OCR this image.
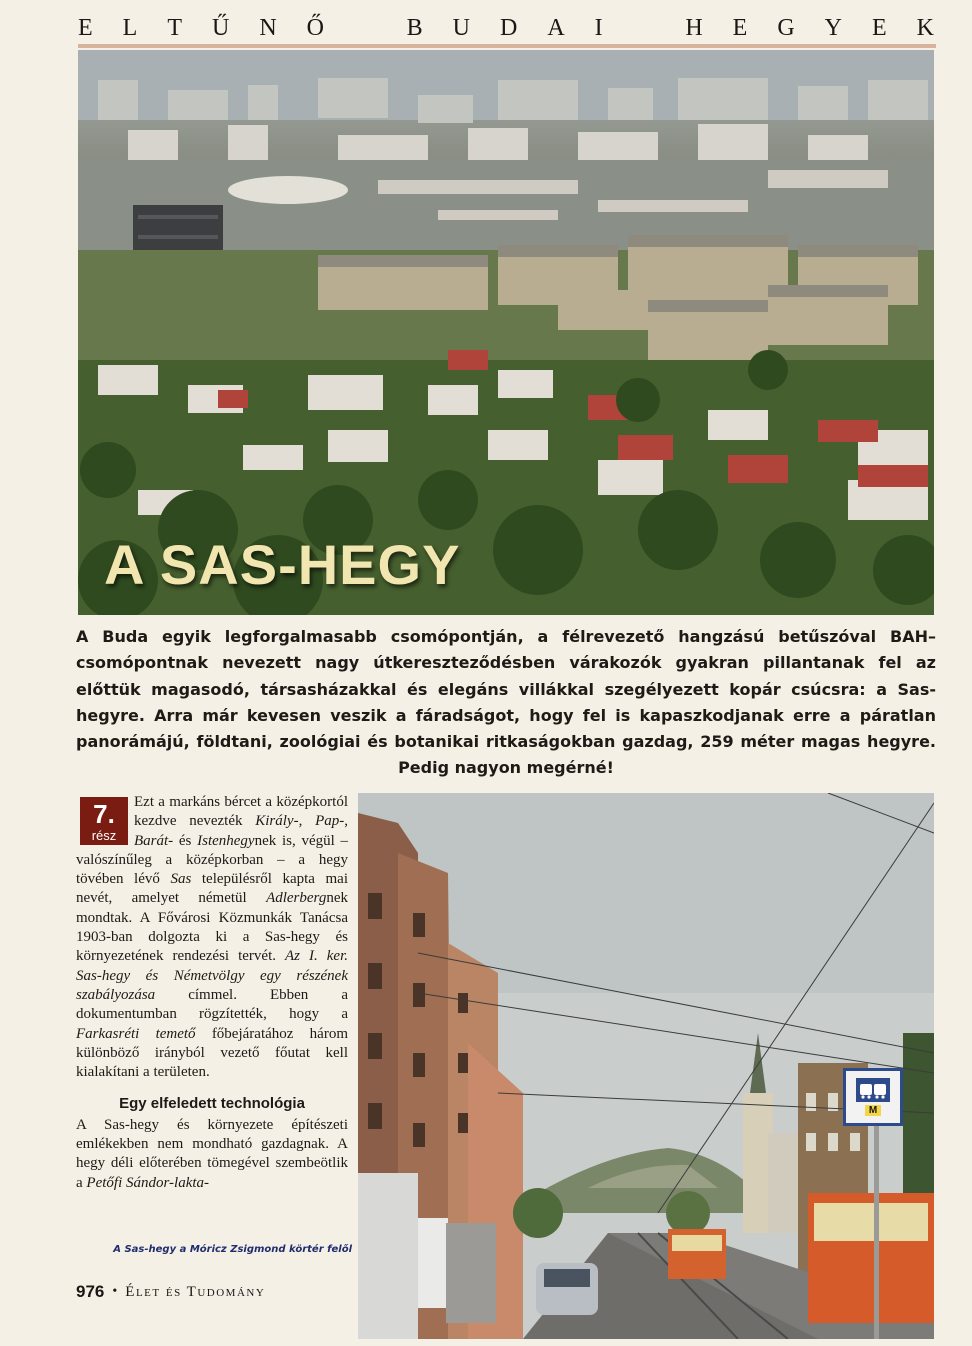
E  L  T  Ű  N  Ő	B  U  D  A  I	H  E  G  Y  E  K
A SAS-HEGY
A Buda egyik legforgalmasabb csomópontján, a félrevezető hangzású betűszóval BAH–csomópontnak nevezett nagy útkereszteződésben várakozók gyakran pillantanak fel az előttük magasodó, társasházakkal és elegáns villákkal szegélyezett kopár csúcsra: a Sas-hegyre. Arra már kevesen veszik a fáradságot, hogy fel is kapaszkodjanak erre a páratlan panorámájú, földtani, zoológiai és botanikai ritkaságokban gazdag, 259 méter magas hegyre. Pedig nagyon megérné!

Ezt a markáns bércet a középkortól kezdve nevezték Király-, Pap-, Barát- és Istenhegynek is, végül – valószínűleg a középkorban – a hegy tövében lévő Sas településről kapta mai nevét, amelyet németül Adlerbergnek mondtak. A Fővárosi Közmunkák Tanácsa 1903-ban dolgozta ki a Sas-hegy és környezetének rendezési tervét. Az I. ker. Sas-hegy és Németvölgy egy részének szabályozása címmel. Ebben a dokumentumban rögzítették, hogy a Farkasréti temető főbejáratához három különböző irányból vezető főutat kell kialakítani a területen.

Egy elfeledett technológia

A Sas-hegy és környezete építészeti emlékekben nem mondható gazdagnak. A hegy déli előterében tömegével szembeötlik a Petőfi Sándor-lakta-

7.
rész
A Sas-hegy a Móricz Zsigmond körtér felől
976 • Élet és Tudomány
M
